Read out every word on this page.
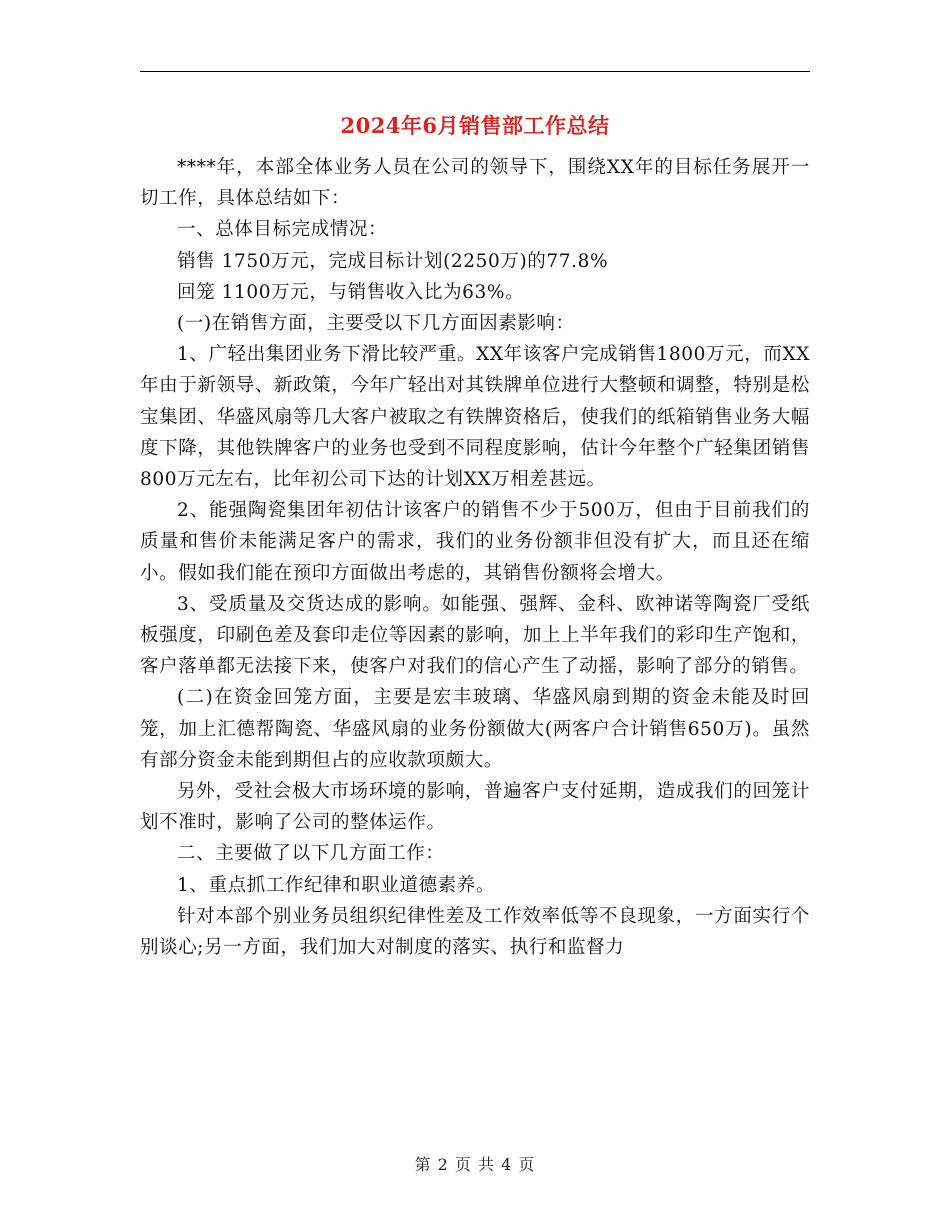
2024年6月销售部工作总结

****年，本部全体业务人员在公司的领导下，围绕XX年的目标任务展开一切工作，具体总结如下：

一、总体目标完成情况：

销售 1750万元，完成目标计划(2250万)的77.8%

回笼 1100万元，与销售收入比为63%。

(一)在销售方面，主要受以下几方面因素影响：

1、广轻出集团业务下滑比较严重。XX年该客户完成销售1800万元，而XX年由于新领导、新政策，今年广轻出对其铁牌单位进行大整顿和调整，特别是松宝集团、华盛风扇等几大客户被取之有铁牌资格后，使我们的纸箱销售业务大幅度下降，其他铁牌客户的业务也受到不同程度影响，估计今年整个广轻集团销售 800万元左右，比年初公司下达的计划XX万相差甚远。

2、能强陶瓷集团年初估计该客户的销售不少于500万，但由于目前我们的质量和售价未能满足客户的需求，我们的业务份额非但没有扩大，而且还在缩小。假如我们能在预印方面做出考虑的，其销售份额将会增大。

3、受质量及交货达成的影响。如能强、强辉、金科、欧神诺等陶瓷厂受纸板强度，印刷色差及套印走位等因素的影响，加上上半年我们的彩印生产饱和，客户落单都无法接下来，使客户对我们的信心产生了动摇，影响了部分的销售。

(二)在资金回笼方面，主要是宏丰玻璃、华盛风扇到期的资金未能及时回笼，加上汇德帮陶瓷、华盛风扇的业务份额做大(两客户合计销售650万)。虽然有部分资金未能到期但占的应收款项颇大。

另外，受社会极大市场环境的影响，普遍客户支付延期，造成我们的回笼计划不准时，影响了公司的整体运作。

二、主要做了以下几方面工作：

1、重点抓工作纪律和职业道德素养。

针对本部个别业务员组织纪律性差及工作效率低等不良现象，一方面实行个别谈心;另一方面，我们加大对制度的落实、执行和监督力

第 2 页 共 4 页
